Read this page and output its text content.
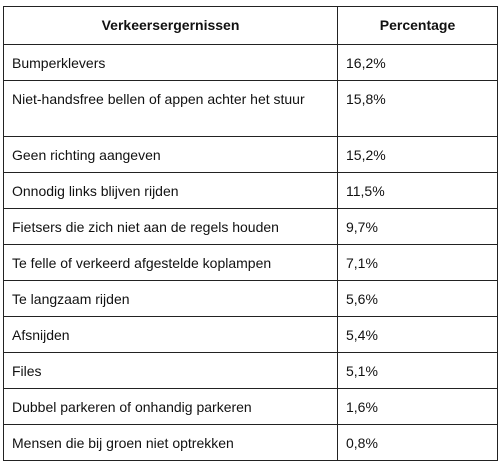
Verkeersergernissen	Percentage
Bumperklevers	16,2%
Niet-handsfree bellen of appen achter het stuur	15,8%
Geen richting aangeven	15,2%
Onnodig links blijven rijden	11,5%
Fietsers die zich niet aan de regels houden	9,7%
Te felle of verkeerd afgestelde koplampen	7,1%
Te langzaam rijden	5,6%
Afsnijden	5,4%
Files	5,1%
Dubbel parkeren of onhandig parkeren	1,6%
Mensen die bij groen niet optrekken	0,8%
